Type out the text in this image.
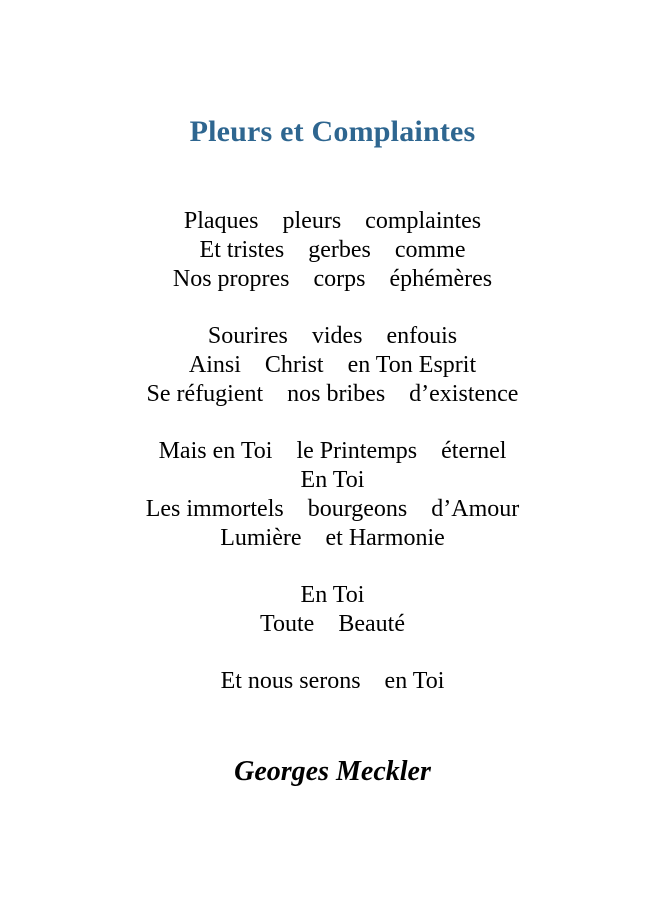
Pleurs et Complaintes
Plaques    pleurs    complaintes
Et tristes    gerbes    comme
Nos propres    corps    éphémères
Sourires    vides    enfouis
Ainsi    Christ    en Ton Esprit
Se réfugient    nos bribes    d’existence
Mais en Toi    le Printemps    éternel
En Toi
Les immortels    bourgeons    d’Amour
Lumière    et Harmonie
En Toi
Toute    Beauté
Et nous serons    en Toi
Georges Meckler
